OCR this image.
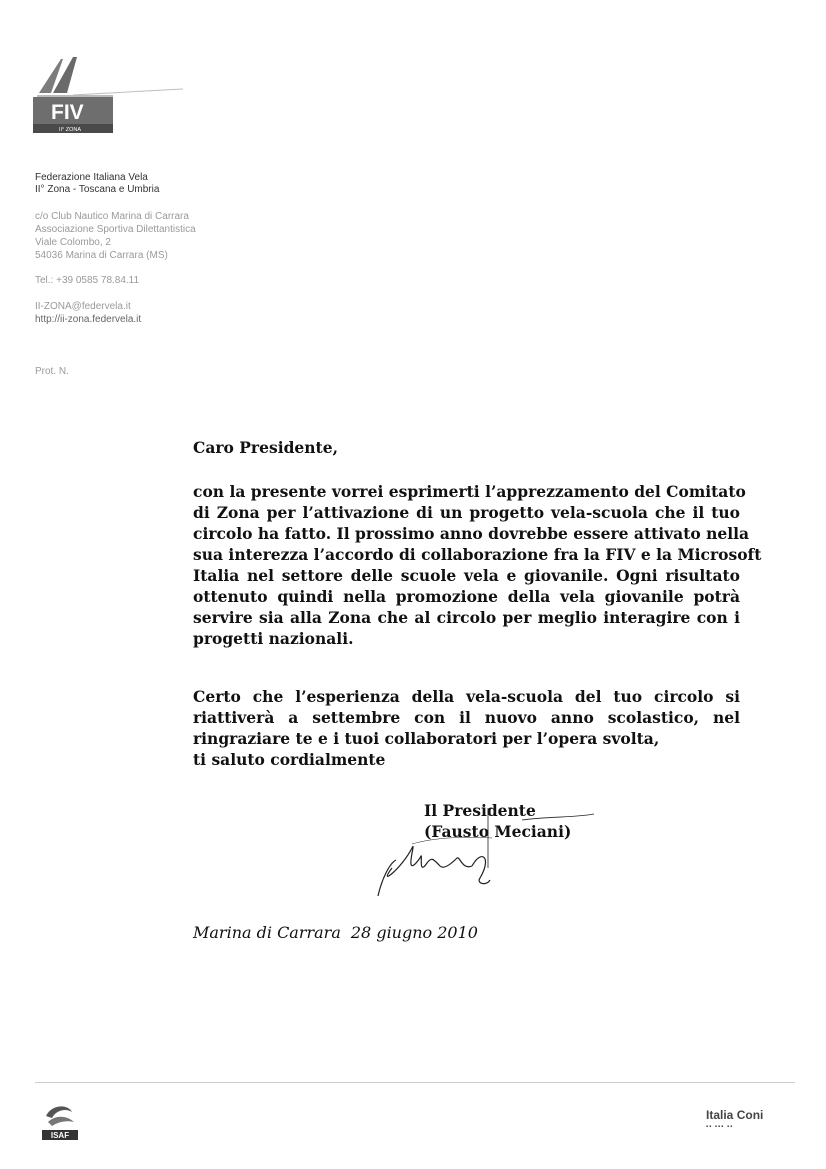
FIV
II° ZONA
Federazione Italiana Vela
II° Zona - Toscana e Umbria
c/o Club Nautico Marina di Carrara
Associazione Sportiva Dilettantistica
Viale Colombo, 2
54036 Marina di Carrara (MS)
Tel.: +39 0585 78.84.11
II-ZONA@federvela.it
http://ii-zona.federvela.it
Prot. N.
Caro Presidente,
con la presente vorrei esprimerti l’apprezzamento del Comitato
di Zona per l’attivazione di un progetto vela-scuola che il tuo
circolo ha fatto. Il prossimo anno dovrebbe essere attivato nella
sua interezza l’accordo di collaborazione fra la FIV e la Microsoft
Italia nel settore delle scuole vela e giovanile. Ogni risultato
ottenuto quindi nella promozione della vela giovanile potrà
servire sia alla Zona che al circolo per meglio interagire con i
progetti nazionali.
Certo che l’esperienza della vela-scuola del tuo circolo si
riattiverà a settembre con il nuovo anno scolastico, nel
ringraziare te e i tuoi collaboratori per l’opera svolta,
ti saluto cordialmente
Il Presidente
(Fausto Meciani)
Marina di Carrara 28 giugno 2010
ISAF
Italia Coni
▪▪ ▪▪▪ ▪▪
